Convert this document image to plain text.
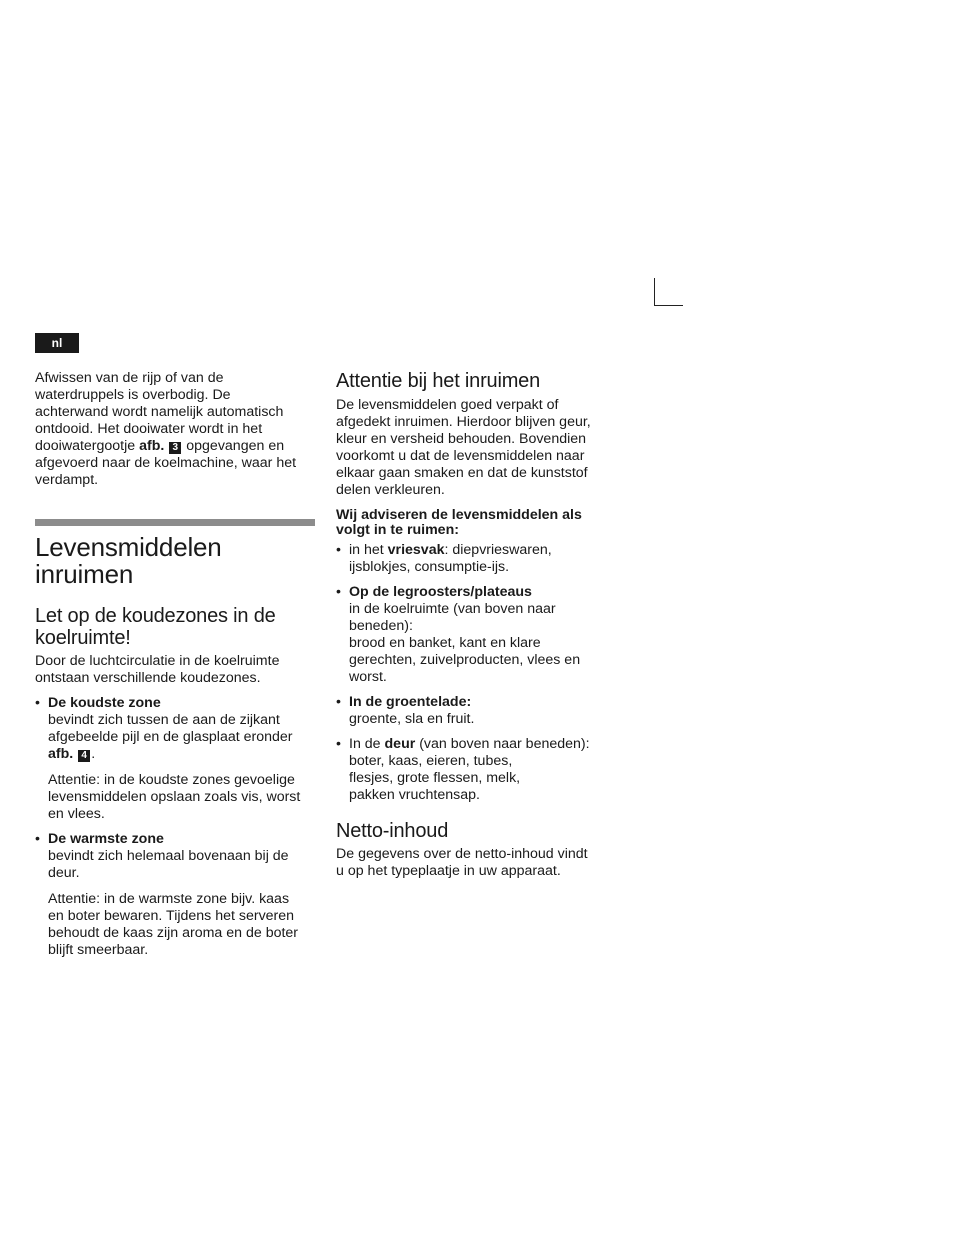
nl

Afwissen van de rijp of van de

waterdruppels is overbodig. De

achterwand wordt namelijk automatisch

ontdooid. Het dooiwater wordt in het

dooiwatergootje afb. 3 opgevangen en

afgevoerd naar de koelmachine, waar het

verdampt.

Levensmiddelen
inruimen
Let op de koudezones in de
koelruimte!

Door de luchtcirculatie in de koelruimte

ontstaan verschillende koudezones.

• De koudste zone
bevindt zich tussen de aan de zijkant
afgebeelde pijl en de glasplaat eronder
afb. 4 .

Attentie: in de koudste zones gevoelige

levensmiddelen opslaan zoals vis, worst

en vlees.

• De warmste zone
bevindt zich helemaal bovenaan bij de
deur.

Attentie: in de warmste zone bijv. kaas

en boter bewaren. Tijdens het serveren

behoudt de kaas zijn aroma en de boter

blijft smeerbaar.

Attentie bij het inruimen

De levensmiddelen goed verpakt of

afgedekt inruimen. Hierdoor blijven geur,

kleur en versheid behouden. Bovendien

voorkomt u dat de levensmiddelen naar

elkaar gaan smaken en dat de kunststof

delen verkleuren.

Wij adviseren de levensmiddelen als
volgt in te ruimen:
• in het vriesvak: diepvrieswaren,
ijsblokjes, consumptie-ijs.
• Op de legroosters/plateaus
in de koelruimte (van boven naar
beneden):
brood en banket, kant en klare
gerechten, zuivelproducten, vlees en
worst.
• In de groentelade:
groente, sla en fruit.
• In de deur (van boven naar beneden):
boter, kaas, eieren, tubes,
flesjes, grote flessen, melk,
pakken vruchtensap.
Netto-inhoud

De gegevens over de netto-inhoud vindt

u op het typeplaatje in uw apparaat.
